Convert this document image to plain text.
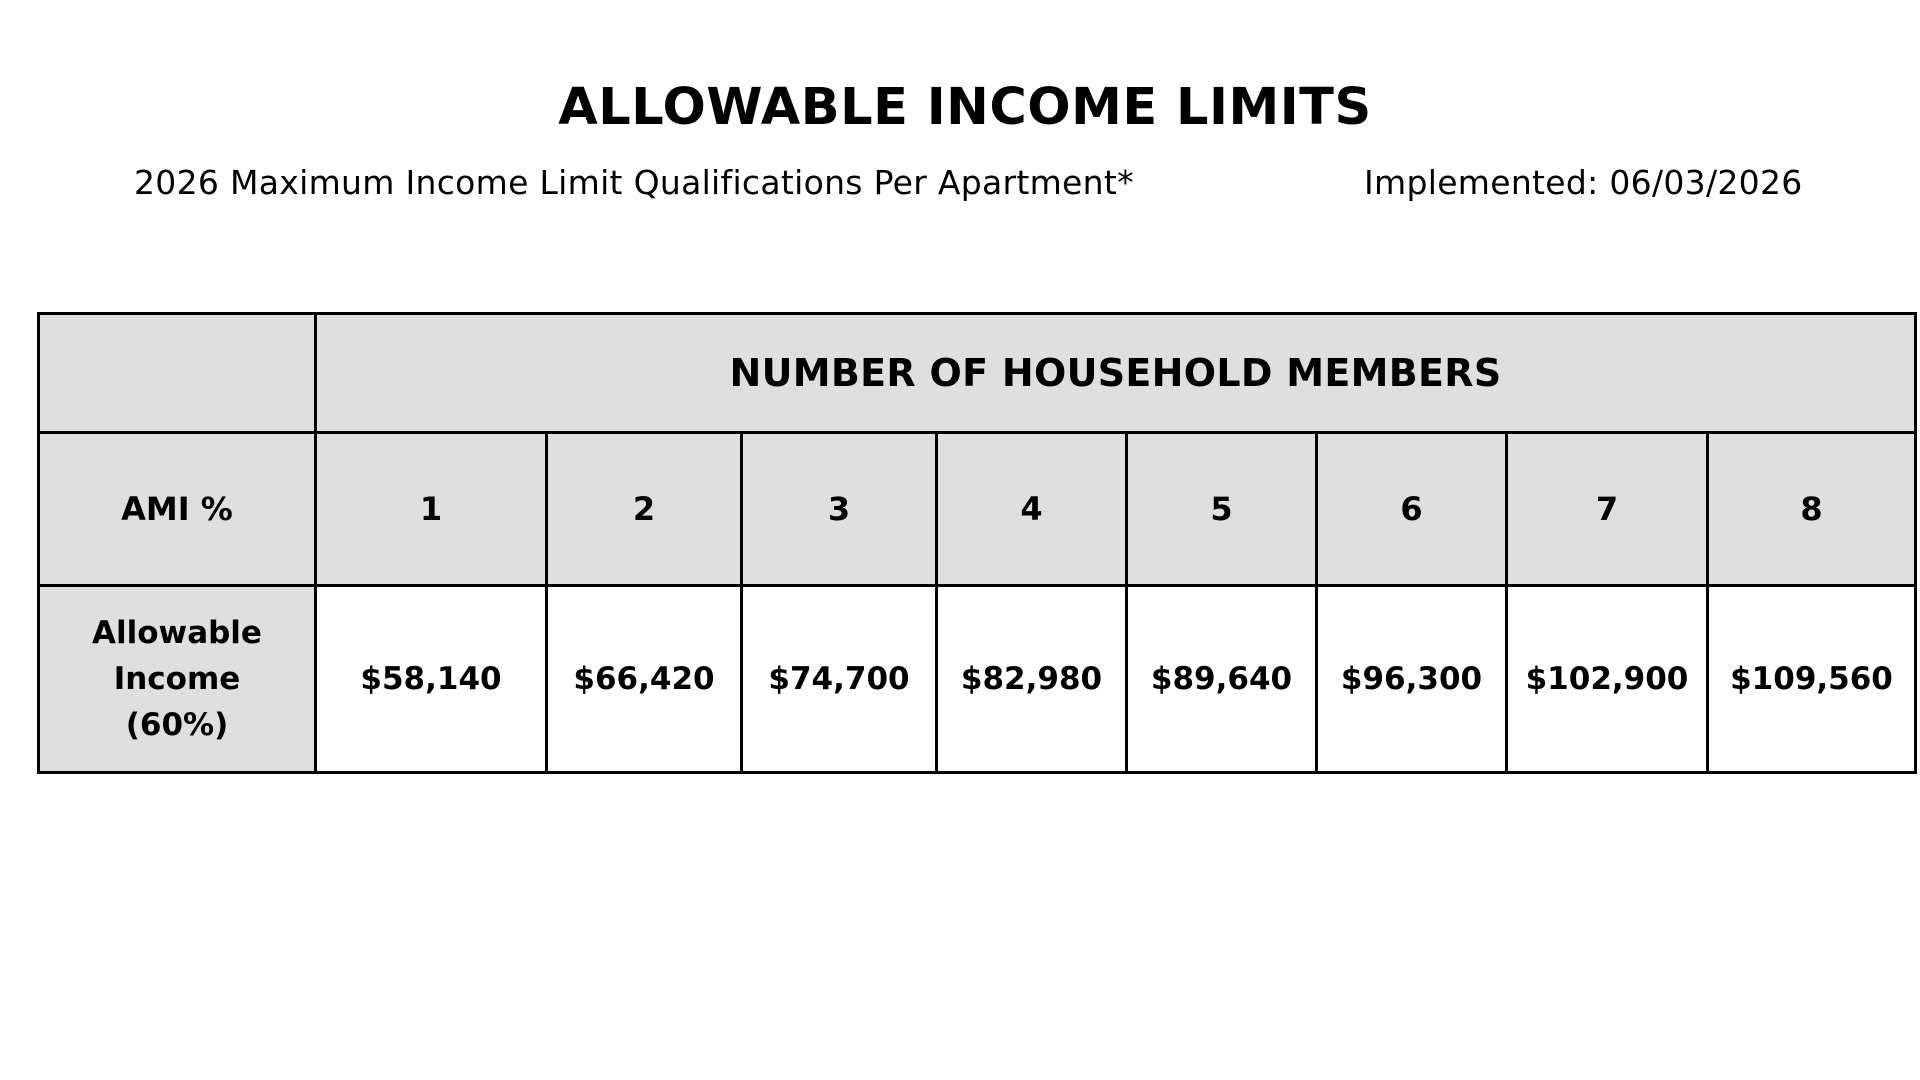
ALLOWABLE INCOME LIMITS
2026 Maximum Income Limit Qualifications Per Apartment*	Implemented: 06/03/2026
	NUMBER OF HOUSEHOLD MEMBERS							
AMI %	1	2	3	4	5	6	7	8

Allowable
Income
(60%)	$58,140	$66,420	$74,700	$82,980	$89,640	$96,300	$102,900	$109,560
